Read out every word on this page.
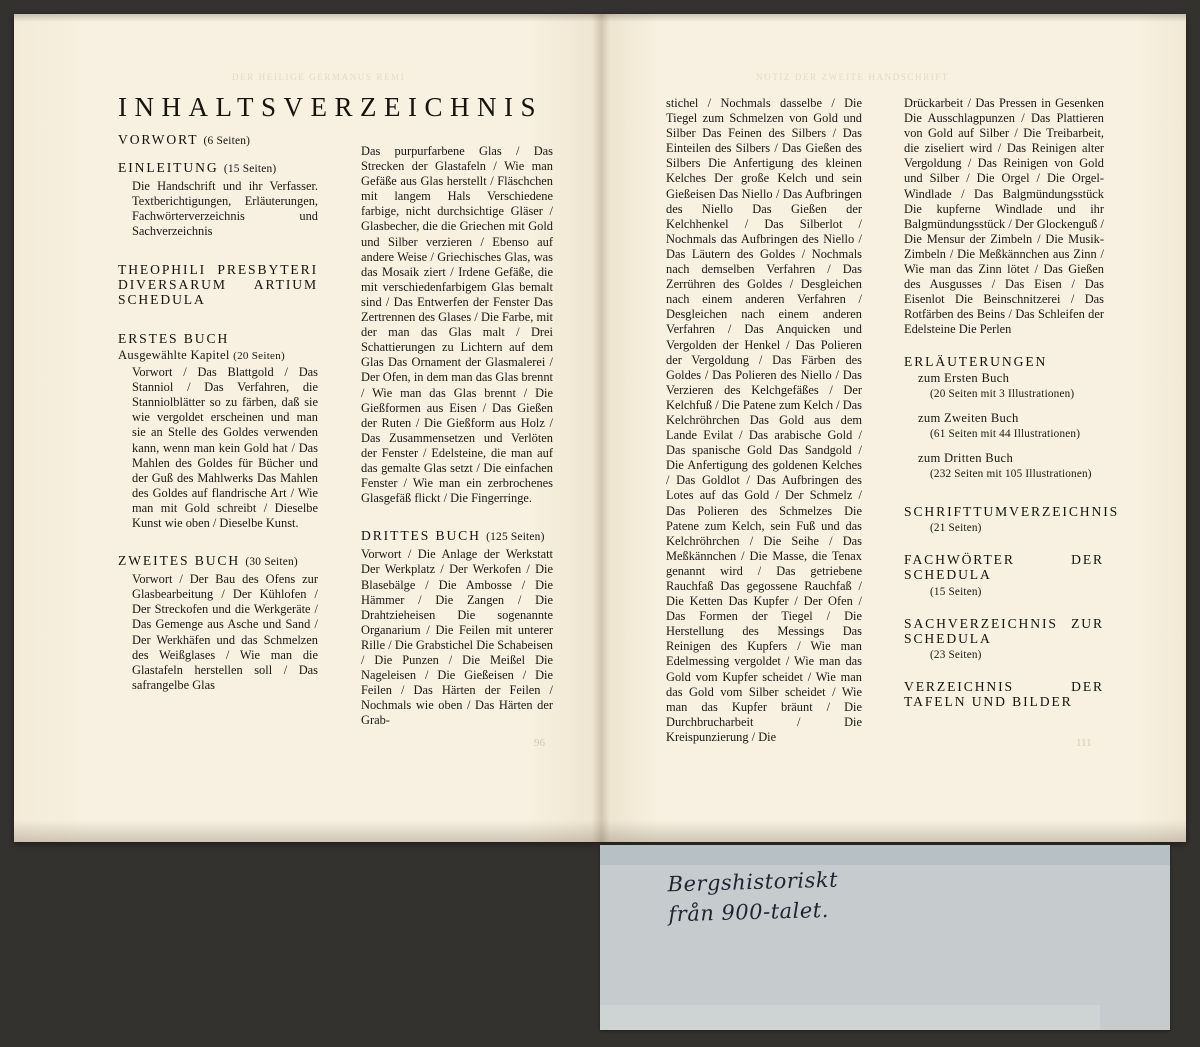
DER HEILIGE GERMANUS REMI	NOTIZ DER ZWEITE HANDSCHRIFT
INHALTSVERZEICHNIS
VORWORT (6 Seiten)
EINLEITUNG (15 Seiten)

Die Handschrift und ihr Verfasser. Textberichtigungen, Erläuterungen, Fachwörterverzeichnis und Sachverzeichnis

THEOPHILI PRESBYTERI DIVERSARUM ARTIUM SCHEDULA
ERSTES BUCH
Ausgewählte Kapitel (20 Seiten)

Vorwort / Das Blattgold / Das Stanniol / Das Verfahren, die Stanniolblätter so zu färben, daß sie wie vergoldet erscheinen und man sie an Stelle des Goldes verwenden kann, wenn man kein Gold hat / Das Mahlen des Goldes für Bücher und der Guß des Mahlwerks Das Mahlen des Goldes auf flandrische Art / Wie man mit Gold schreibt / Dieselbe Kunst wie oben / Dieselbe Kunst.

ZWEITES BUCH (30 Seiten)

Vorwort / Der Bau des Ofens zur Glasbearbeitung / Der Kühlofen / Der Streckofen und die Werkgeräte / Das Gemenge aus Asche und Sand / Der Werkhäfen und das Schmelzen des Weißglases / Wie man die Glastafeln herstellen soll / Das safrangelbe Glas

Das purpurfarbene Glas / Das Strecken der Glastafeln / Wie man Gefäße aus Glas herstellt / Fläschchen mit langem Hals Verschiedene farbige, nicht durchsichtige Gläser / Glasbecher, die die Griechen mit Gold und Silber verzieren / Ebenso auf andere Weise / Griechisches Glas, was das Mosaik ziert / Irdene Gefäße, die mit verschiedenfarbigem Glas bemalt sind / Das Entwerfen der Fenster Das Zertrennen des Glases / Die Farbe, mit der man das Glas malt / Drei Schattierungen zu Lichtern auf dem Glas Das Ornament der Glasmalerei / Der Ofen, in dem man das Glas brennt / Wie man das Glas brennt / Die Gießformen aus Eisen / Das Gießen der Ruten / Die Gießform aus Holz / Das Zusammensetzen und Verlöten der Fenster / Edelsteine, die man auf das gemalte Glas setzt / Die einfachen Fenster / Wie man ein zerbrochenes Glasgefäß flickt / Die Fingerringe.

DRITTES BUCH (125 Seiten)

Vorwort / Die Anlage der Werkstatt Der Werkplatz / Der Werkofen / Die Blasebälge / Die Ambosse / Die Hämmer / Die Zangen / Die Drahtzieheisen Die sogenannte Organarium / Die Feilen mit unterer Rille / Die Grabstichel Die Schabeisen / Die Punzen / Die Meißel Die Nageleisen / Die Gießeisen / Die Feilen / Das Härten der Feilen / Nochmals wie oben / Das Härten der Grab-

stichel / Nochmals dasselbe / Die Tiegel zum Schmelzen von Gold und Silber Das Feinen des Silbers / Das Einteilen des Silbers / Das Gießen des Silbers Die Anfertigung des kleinen Kelches Der große Kelch und sein Gießeisen Das Niello / Das Aufbringen des Niello Das Gießen der Kelchhenkel / Das Silberlot / Nochmals das Aufbringen des Niello / Das Läutern des Goldes / Nochmals nach demselben Verfahren / Das Zerrühren des Goldes / Desgleichen nach einem anderen Verfahren / Desgleichen nach einem anderen Verfahren / Das Anquicken und Vergolden der Henkel / Das Polieren der Vergoldung / Das Färben des Goldes / Das Polieren des Niello / Das Verzieren des Kelchgefäßes / Der Kelchfuß / Die Patene zum Kelch / Das Kelchröhrchen Das Gold aus dem Lande Evilat / Das arabische Gold / Das spanische Gold Das Sandgold / Die Anfertigung des goldenen Kelches / Das Goldlot / Das Aufbringen des Lotes auf das Gold / Der Schmelz / Das Polieren des Schmelzes Die Patene zum Kelch, sein Fuß und das Kelchröhrchen / Die Seihe / Das Meßkännchen / Die Masse, die Tenax genannt wird / Das getriebene Rauchfaß Das gegossene Rauchfaß / Die Ketten Das Kupfer / Der Ofen / Das Formen der Tiegel / Die Herstellung des Messings Das Reinigen des Kupfers / Wie man Edelmessing vergoldet / Wie man das Gold vom Kupfer scheidet / Wie man das Gold vom Silber scheidet / Wie man das Kupfer bräunt / Die Durchbrucharbeit / Die Kreispunzierung / Die

Drückarbeit / Das Pressen in Gesenken Die Ausschlagpunzen / Das Plattieren von Gold auf Silber / Die Treibarbeit, die ziseliert wird / Das Reinigen alter Vergoldung / Das Reinigen von Gold und Silber / Die Orgel / Die Orgel-Windlade / Das Balgmündungsstück Die kupferne Windlade und ihr Balgmündungsstück / Der Glockenguß / Die Mensur der Zimbeln / Die Musik-Zimbeln / Die Meßkännchen aus Zinn / Wie man das Zinn lötet / Das Gießen des Ausgusses / Das Eisen / Das Eisenlot Die Beinschnitzerei / Das Rotfärben des Beins / Das Schleifen der Edelsteine Die Perlen

ERLÄUTERUNGEN
zum Ersten Buch
(20 Seiten mit 3 Illustrationen)
zum Zweiten Buch
(61 Seiten mit 44 Illustrationen)
zum Dritten Buch
(232 Seiten mit 105 Illustrationen)
SCHRIFTTUMVERZEICHNIS
(21 Seiten)
FACHWÖRTER DER SCHEDULA
(15 Seiten)
SACHVERZEICHNIS ZUR SCHEDULA
(23 Seiten)
VERZEICHNIS DER TAFELN UND BILDER
96	111
Bergshistoriskt
från 900-talet.
